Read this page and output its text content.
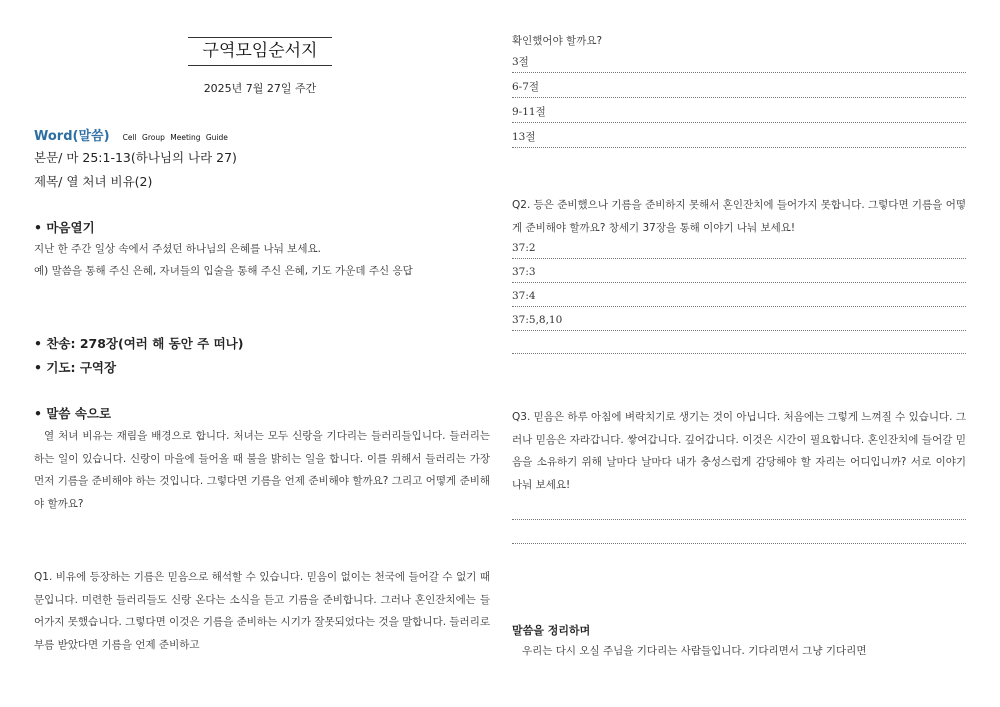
구역모임순서지
2025년 7월 27일 주간
Word(말씀) Cell Group Meeting Guide
본문/ 마 25:1-13(하나님의 나라 27)
제목/ 열 처녀 비유(2)
• 마음열기
지난 한 주간 일상 속에서 주셨던 하나님의 은혜를 나눠 보세요.
예) 말씀을 통해 주신 은혜, 자녀들의 입술을 통해 주신 은혜, 기도 가운데 주신 응답
• 찬송: 278장(여러 해 동안 주 떠나)
• 기도: 구역장
• 말씀 속으로
열 처녀 비유는 재림을 배경으로 합니다. 처녀는 모두 신랑을 기다리는 들러리들입니다. 들러리는 하는 일이 있습니다. 신랑이 마을에 들어올 때 불을 밝히는 일을 합니다. 이를 위해서 들러리는 가장 먼저 기름을 준비해야 하는 것입니다. 그렇다면 기름을 언제 준비해야 할까요? 그리고 어떻게 준비해야 할까요?
Q1. 비유에 등장하는 기름은 믿음으로 해석할 수 있습니다. 믿음이 없이는 천국에 들어갈 수 없기 때문입니다. 미련한 들러리들도 신랑 온다는 소식을 듣고 기름을 준비합니다. 그러나 혼인잔치에는 들어가지 못했습니다. 그렇다면 이것은 기름을 준비하는 시기가 잘못되었다는 것을 말합니다. 들러리로 부름 받았다면 기름을 언제 준비하고
확인했어야 할까요?
3절
6-7절
9-11절
13절
Q2. 등은 준비했으나 기름을 준비하지 못해서 혼인잔치에 들어가지 못합니다. 그렇다면 기름을 어떻게 준비해야 할까요? 창세기 37장을 통해 이야기 나눠 보세요!
37:2
37:3
37:4
37:5,8,10
Q3. 믿음은 하루 아침에 벼락치기로 생기는 것이 아닙니다. 처음에는 그렇게 느껴질 수 있습니다. 그러나 믿음은 자라갑니다. 쌓여갑니다. 깊어갑니다. 이것은 시간이 필요합니다. 혼인잔치에 들어갈 믿음을 소유하기 위해 날마다 날마다 내가 충성스럽게 감당해야 할 자리는 어디입니까? 서로 이야기 나눠 보세요!
말씀을 정리하며
우리는 다시 오실 주님을 기다리는 사람들입니다. 기다리면서 그냥 기다리면
